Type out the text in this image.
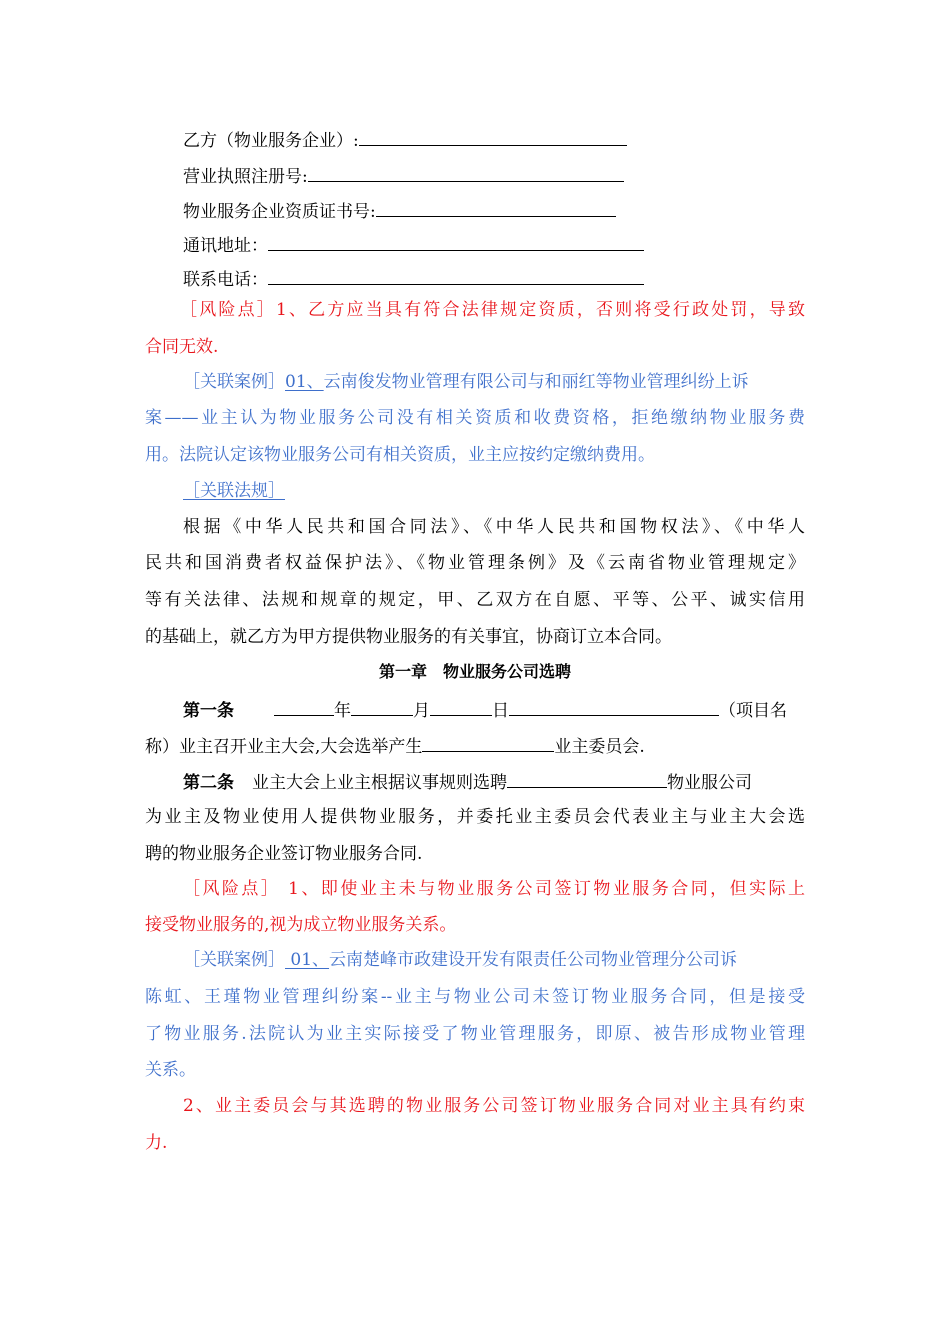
乙方（物业服务企业）:
营业执照注册号:
物业服务企业资质证书号:
通讯地址：
联系电话：
［风险点］1、乙方应当具有符合法律规定资质，否则将受行政处罚，导致
合同无效.
［关联案例］01、云南俊发物业管理有限公司与和丽红等物业管理纠纷上诉
案——业主认为物业服务公司没有相关资质和收费资格，拒绝缴纳物业服务费
用。法院认定该物业服务公司有相关资质，业主应按约定缴纳费用。
［关联法规］
根据《中华人民共和国合同法》、《中华人民共和国物权法》、《中华人
民共和国消费者权益保护法》、《物业管理条例》及《云南省物业管理规定》
等有关法律、法规和规章的规定，甲、乙双方在自愿、平等、公平、诚实信用
的基础上，就乙方为甲方提供物业服务的有关事宜，协商订立本合同。
第一章　物业服务公司选聘
第一条	年	月	日	（项目名
称）业主召开业主大会,大会选举产生	业主委员会.
第二条 业主大会上业主根据议事规则选聘	物业服公司
为业主及物业使用人提供物业服务，并委托业主委员会代表业主与业主大会选
聘的物业服务企业签订物业服务合同.
［风险点］ 1、即使业主未与物业服务公司签订物业服务合同，但实际上
接受物业服务的,视为成立物业服务关系。
［关联案例］ 01、云南楚峰市政建设开发有限责任公司物业管理分公司诉
陈虹、王瑾物业管理纠纷案--业主与物业公司未签订物业服务合同，但是接受
了物业服务.法院认为业主实际接受了物业管理服务，即原、被告形成物业管理
关系。
2、业主委员会与其选聘的物业服务公司签订物业服务合同对业主具有约束
力.
